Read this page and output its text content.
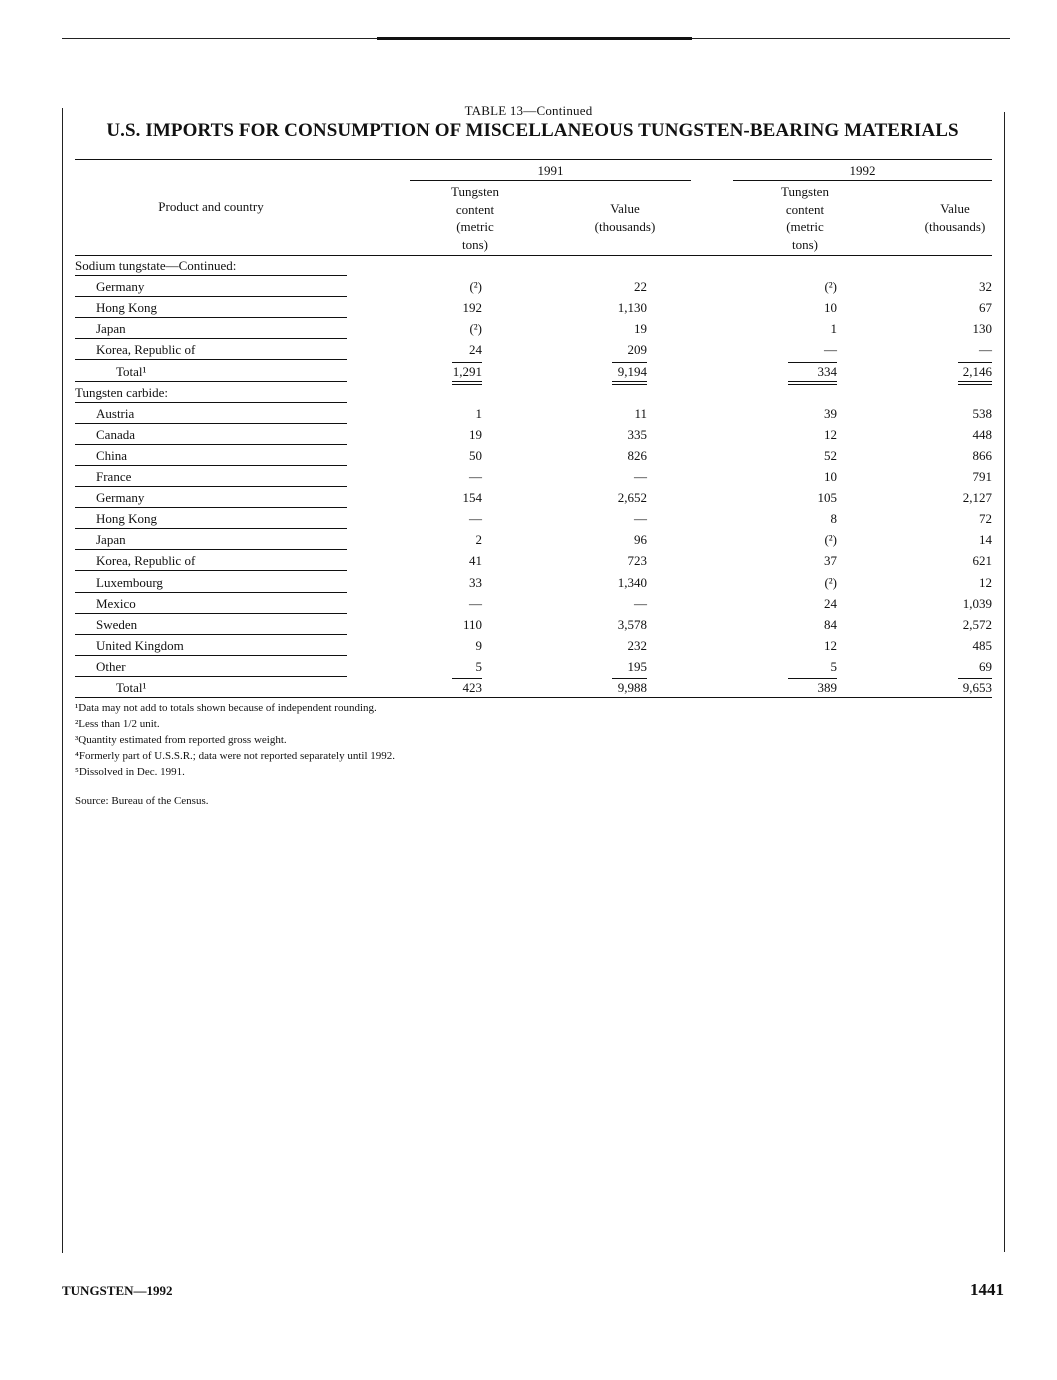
TABLE 13—Continued
U.S. IMPORTS FOR CONSUMPTION OF MISCELLANEOUS TUNGSTEN-BEARING MATERIALS
1991	1992
Product and country
Tungsten	Tungsten
content	content
(metric	(metric
tons)	tons)
Value	Value
(thousands)	(thousands)
Sodium tungstate—Continued:
Germany	(²)	22	(²)	32
Hong Kong	192	1,130	10	67
Japan	(²)	19	1	130
Korea, Republic of	24	209	—	—
Total¹	1,291	9,194	334	2,146
Tungsten carbide:
Austria	1	11	39	538
Canada	19	335	12	448
China	50	826	52	866
France	—	—	10	791
Germany	154	2,652	105	2,127
Hong Kong	—	—	8	72
Japan	2	96	(²)	14
Korea, Republic of	41	723	37	621
Luxembourg	33	1,340	(²)	12
Mexico	—	—	24	1,039
Sweden	110	3,578	84	2,572
United Kingdom	9	232	12	485
Other	5	195	5	69
Total¹	423	9,988	389	9,653
¹Data may not add to totals shown because of independent rounding.
²Less than 1/2 unit.
³Quantity estimated from reported gross weight.
⁴Formerly part of U.S.S.R.; data were not reported separately until 1992.
⁵Dissolved in Dec. 1991.
Source: Bureau of the Census.
TUNGSTEN—1992	1441
